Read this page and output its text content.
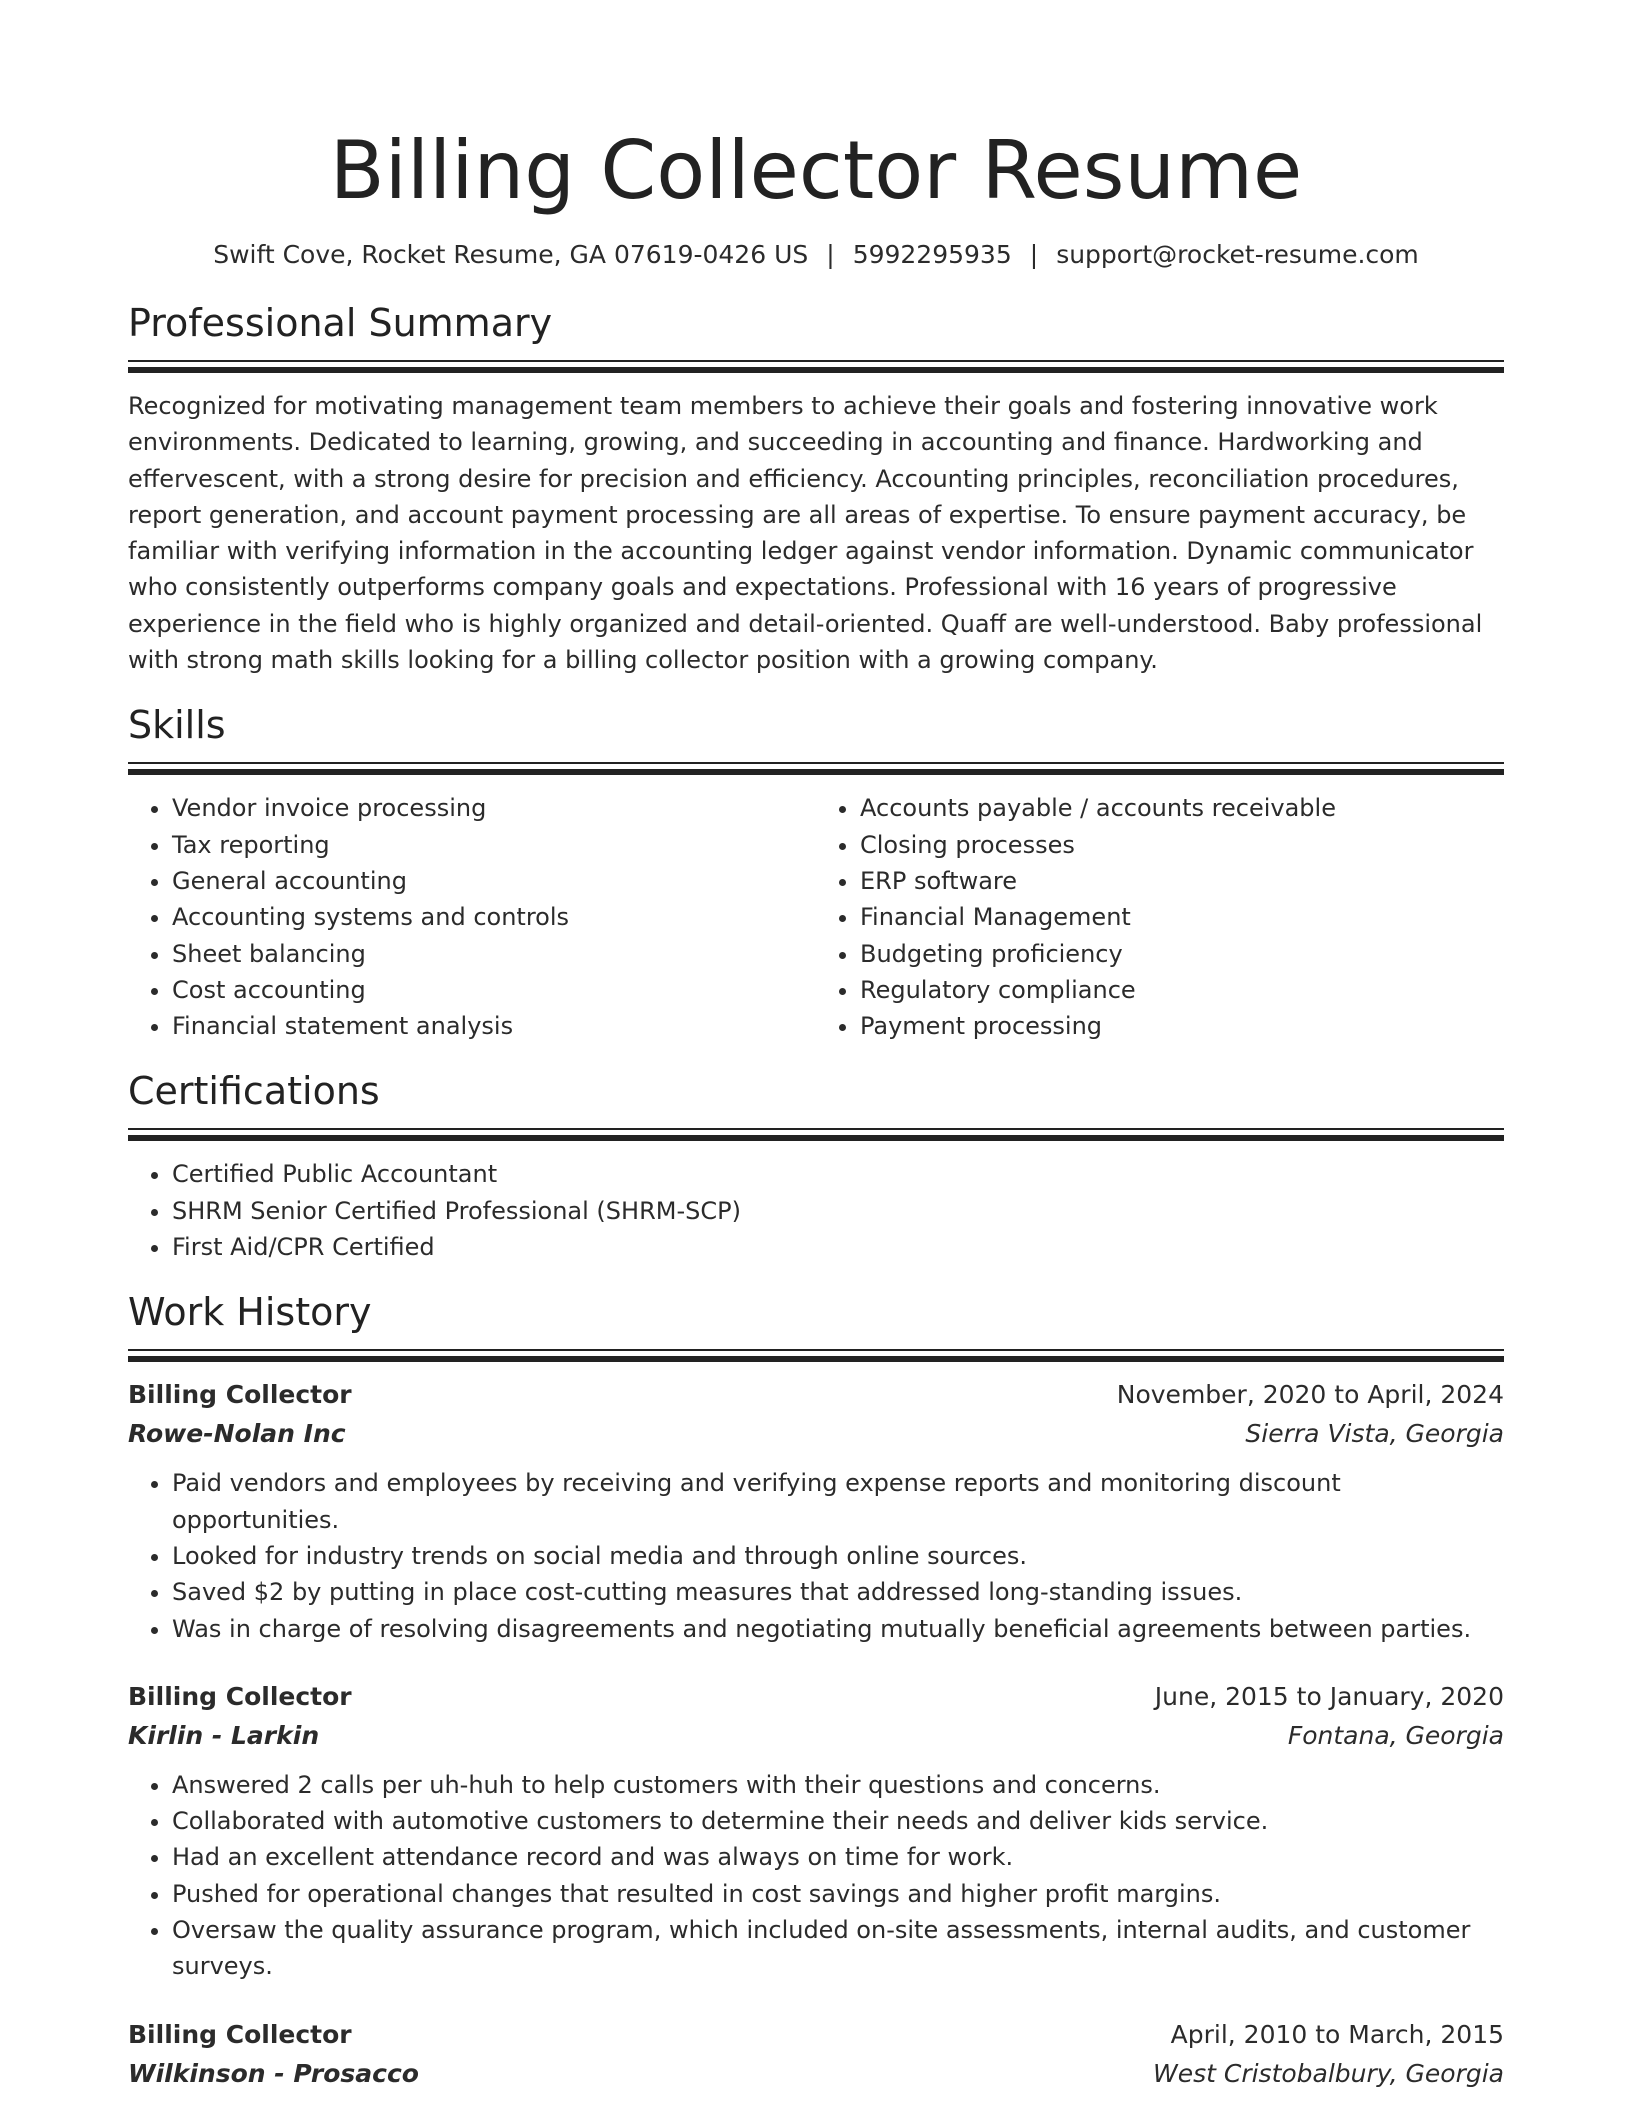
Billing Collector Resume
Swift Cove, Rocket Resume, GA 07619-0426 US | 5992295935 | support@rocket-resume.com
Professional Summary
Recognized for motivating management team members to achieve their goals and fostering innovative work environments. Dedicated to learning, growing, and succeeding in accounting and finance. Hardworking and effervescent, with a strong desire for precision and efficiency. Accounting principles, reconciliation procedures, report generation, and account payment processing are all areas of expertise. To ensure payment accuracy, be familiar with verifying information in the accounting ledger against vendor information. Dynamic communicator who consistently outperforms company goals and expectations. Professional with 16 years of progressive experience in the field who is highly organized and detail-oriented. Quaff are well-understood. Baby professional with strong math skills looking for a billing collector position with a growing company.
Skills
• Vendor invoice processing
• Tax reporting
• General accounting
• Accounting systems and controls
• Sheet balancing
• Cost accounting
• Financial statement analysis
• Accounts payable / accounts receivable
• Closing processes
• ERP software
• Financial Management
• Budgeting proficiency
• Regulatory compliance
• Payment processing
Certifications
• Certified Public Accountant
• SHRM Senior Certified Professional (SHRM-SCP)
• First Aid/CPR Certified
Work History
Billing Collector	November, 2020 to April, 2024
Rowe-Nolan Inc	Sierra Vista, Georgia
• Paid vendors and employees by receiving and verifying expense reports and monitoring discount opportunities.
• Looked for industry trends on social media and through online sources.
• Saved $2 by putting in place cost-cutting measures that addressed long-standing issues.
• Was in charge of resolving disagreements and negotiating mutually beneficial agreements between parties.
Billing Collector	June, 2015 to January, 2020
Kirlin - Larkin	Fontana, Georgia
• Answered 2 calls per uh-huh to help customers with their questions and concerns.
• Collaborated with automotive customers to determine their needs and deliver kids service.
• Had an excellent attendance record and was always on time for work.
• Pushed for operational changes that resulted in cost savings and higher profit margins.
• Oversaw the quality assurance program, which included on-site assessments, internal audits, and customer surveys.
Billing Collector	April, 2010 to March, 2015
Wilkinson - Prosacco	West Cristobalbury, Georgia
